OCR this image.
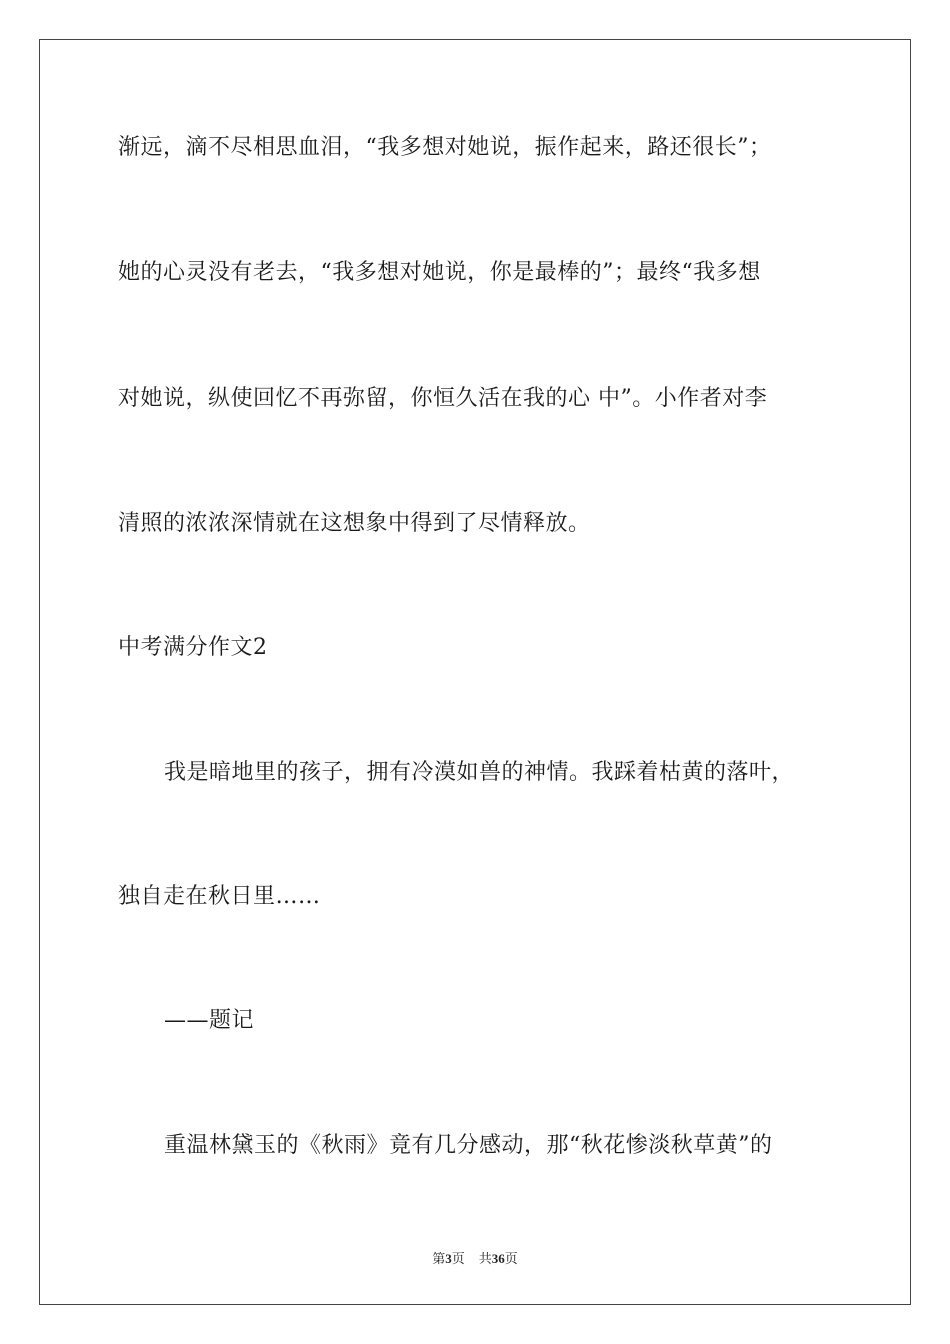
渐远，滴不尽相思血泪，“我多想对她说，振作起来，路还很长”；
她的心灵没有老去，“我多想对她说，你是最棒的”；最终“我多想
对她说，纵使回忆不再弥留，你恒久活在我的心 中”。小作者对李
清照的浓浓深情就在这想象中得到了尽情释放。
中考满分作文2
我是暗地里的孩子，拥有冷漠如兽的神情。我踩着枯黄的落叶，
独自走在秋日里……
——题记
重温林黛玉的《秋雨》竟有几分感动，那“秋花惨淡秋草黄”的
第3页 共36页
